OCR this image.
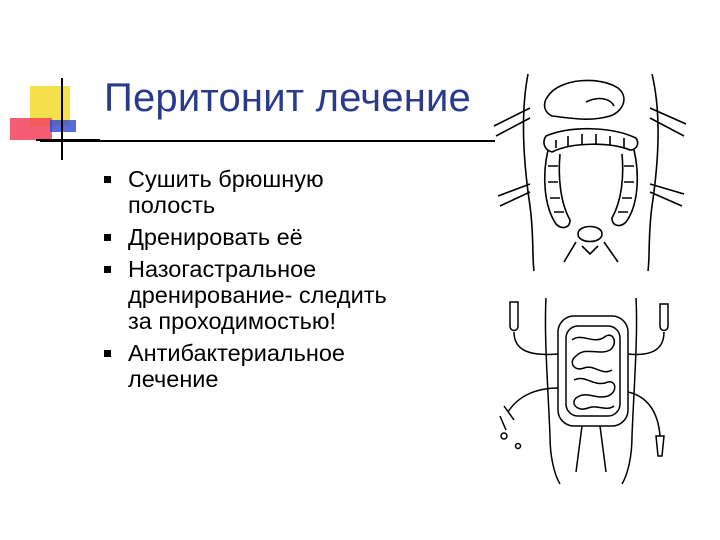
Перитонит лечение
Сушить брюшную полость
Дренировать её
Назогастральное дренирование- следить за проходимостью!
Антибактериальное лечение
